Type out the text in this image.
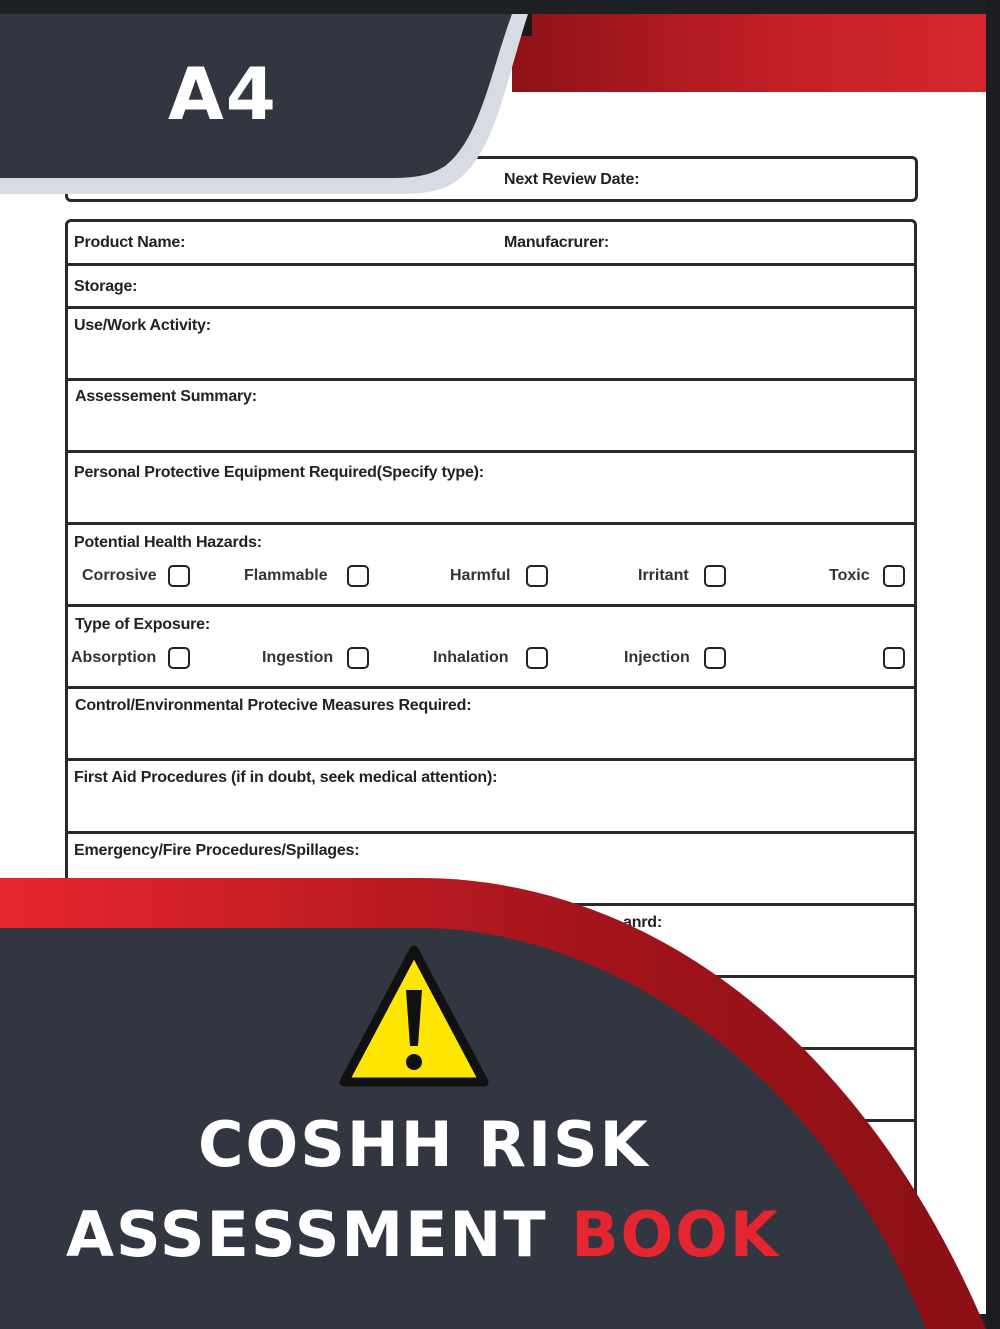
Next Review Date:
A4
Product Name:	Manufacrurer:
Storage:
Use/Work Activity:
Assessement Summary:
Personal Protective Equipment Required(Specify type):
Potential Health Hazards:
Corrosive	Flammable	Harmful	Irritant	Toxic
Type of Exposure:
Absorption	Ingestion	Inhalation	Injection
Control/Environmental Protecive Measures Required:
First Aid Procedures (if in doubt, seek medical attention):
Emergency/Fire Procedures/Spillages:
anrd:
COSHH RISK
ASSESSMENT BOOK
